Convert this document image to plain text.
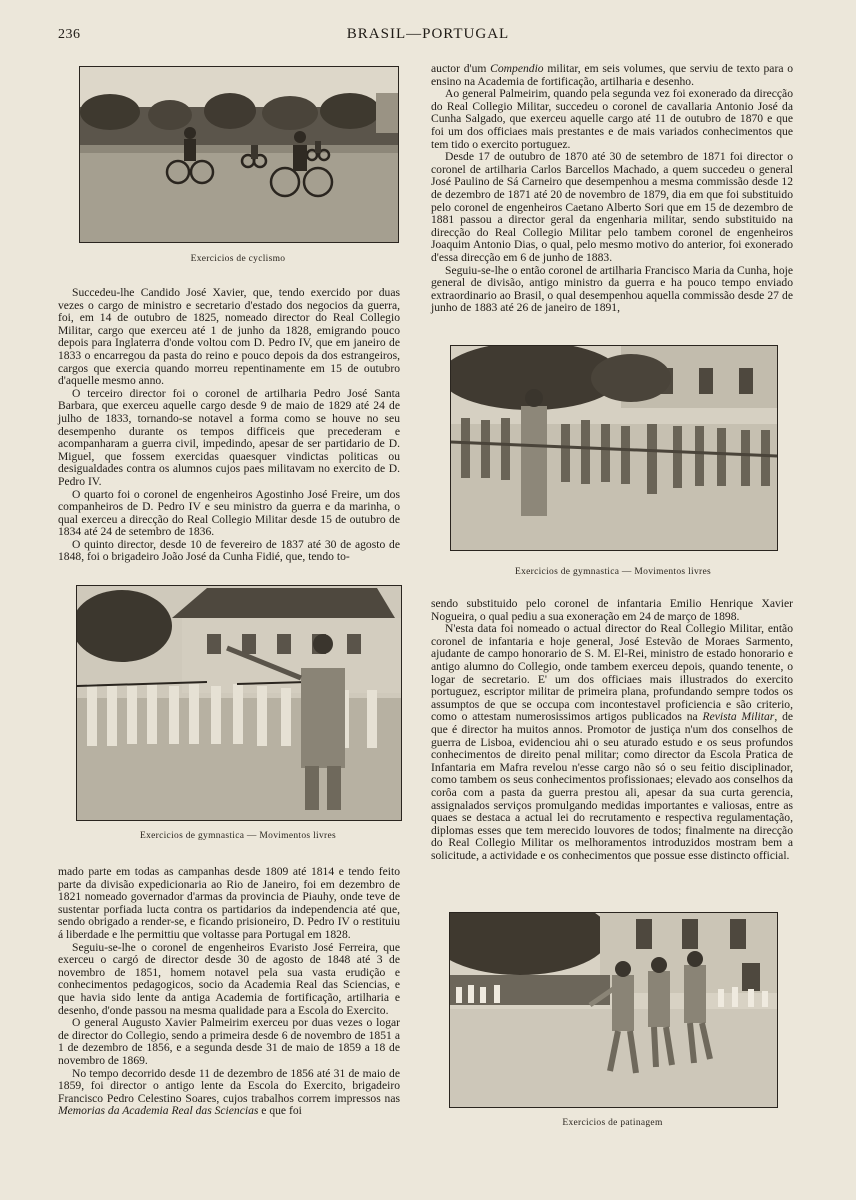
236	BRASIL—PORTUGAL
Exercicios de cyclismo

Succedeu-lhe Candido José Xavier, que, tendo exercido por duas vezes o cargo de ministro e secretario d'estado dos negocios da guerra, foi, em 14 de outubro de 1825, nomeado director do Real Collegio Militar, cargo que exerceu até 1 de junho da 1828, emigrando pouco depois para Inglaterra d'onde voltou com D. Pedro IV, que em janeiro de 1833 o encarregou da pasta do reino e pouco depois da dos estrangeiros, cargos que exercia quando morreu repentinamente em 15 de outubro d'aquelle mesmo anno.

O terceiro director foi o coronel de artilharia Pedro José Santa Barbara, que exerceu aquelle cargo desde 9 de maio de 1829 até 24 de julho de 1833, tornando-se notavel a forma como se houve no seu desempenho durante os tempos difficeis que precederam e acompanharam a guerra civil, impedindo, apesar de ser partidario de D. Miguel, que fossem exercidas quaesquer vindictas politicas ou desigualdades contra os alumnos cujos paes militavam no exercito de D. Pedro IV.

O quarto foi o coronel de engenheiros Agostinho José Freire, um dos companheiros de D. Pedro IV e seu ministro da guerra e da marinha, o qual exerceu a direcção do Real Collegio Militar desde 15 de outubro de 1834 até 24 de setembro de 1836.

O quinto director, desde 10 de fevereiro de 1837 até 30 de agosto de 1848, foi o brigadeiro João José da Cunha Fidié, que, tendo to-

Exercicios de gymnastica — Movimentos livres

mado parte em todas as campanhas desde 1809 até 1814 e tendo feito parte da divisão expedicionaria ao Rio de Janeiro, foi em dezembro de 1821 nomeado governador d'armas da provincia de Piauhy, onde teve de sustentar porfiada lucta contra os partidarios da independencia até que, sendo obrigado a render-se, e ficando prisioneiro, D. Pedro IV o restituiu á liberdade e lhe permittiu que voltasse para Portugal em 1828.

Seguiu-se-lhe o coronel de engenheiros Evaristo José Ferreira, que exerceu o cargó de director desde 30 de agosto de 1848 até 3 de novembro de 1851, homem notavel pela sua vasta erudição e conhecimentos pedagogicos, socio da Academia Real das Sciencias, e que havia sido lente da antiga Academia de fortificação, artilharia e desenho, d'onde passou na mesma qualidade para a Escola do Exercito.

O general Augusto Xavier Palmeirim exerceu por duas vezes o logar de director do Collegio, sendo a primeira desde 6 de novembro de 1851 a 1 de dezembro de 1856, e a segunda desde 31 de maio de 1859 a 18 de novembro de 1869.

No tempo decorrido desde 11 de dezembro de 1856 até 31 de maio de 1859, foi director o antigo lente da Escola do Exercito, brigadeiro Francisco Pedro Celestino Soares, cujos trabalhos correm impressos nas Memorias da Academia Real das Sciencias e que foi

auctor d'um Compendio militar, em seis volumes, que serviu de texto para o ensino na Academia de fortificação, artilharia e desenho.

Ao general Palmeirim, quando pela segunda vez foi exonerado da direcção do Real Collegio Militar, succedeu o coronel de cavallaria Antonio José da Cunha Salgado, que exerceu aquelle cargo até 11 de outubro de 1870 e que foi um dos officiaes mais prestantes e de mais variados conhecimentos que tem tido o exercito portuguez.

Desde 17 de outubro de 1870 até 30 de setembro de 1871 foi director o coronel de artilharia Carlos Barcellos Machado, a quem succedeu o general José Paulino de Sá Carneiro que desempenhou a mesma commissão desde 12 de dezembro de 1871 até 20 de novembro de 1879, dia em que foi substituido pelo coronel de engenheiros Caetano Alberto Sori que em 15 de dezembro de 1881 passou a director geral da engenharia militar, sendo substituido na direcção do Real Collegio Militar pelo tambem coronel de engenheiros Joaquim Antonio Dias, o qual, pelo mesmo motivo do anterior, foi exonerado d'essa direcção em 6 de junho de 1883.

Seguiu-se-lhe o então coronel de artilharia Francisco Maria da Cunha, hoje general de divisão, antigo ministro da guerra e ha pouco tempo enviado extraordinario ao Brasil, o qual desempenhou aquella commissão desde 27 de junho de 1883 até 26 de janeiro de 1891,

Exercicios de gymnastica — Movimentos livres

sendo substituido pelo coronel de infantaria Emilio Henrique Xavier Nogueira, o qual pediu a sua exoneração em 24 de março de 1898.

N'esta data foi nomeado o actual director do Real Collegio Militar, então coronel de infantaria e hoje general, José Estevão de Moraes Sarmento, ajudante de campo honorario de S. M. El-Rei, ministro de estado honorario e antigo alumno do Collegio, onde tambem exerceu depois, quando tenente, o logar de secretario. E' um dos officiaes mais illustrados do exercito portuguez, escriptor militar de primeira plana, profundando sempre todos os assumptos de que se occupa com incontestavel proficiencia e são criterio, como o attestam numerosissimos artigos publicados na Revista Militar, de que é director ha muitos annos. Promotor de justiça n'um dos conselhos de guerra de Lisboa, evidenciou ahi o seu aturado estudo e os seus profundos conhecimentos de direito penal militar; como director da Escola Pratica de Infantaria em Mafra revelou n'esse cargo não só o seu feitio disciplinador, como tambem os seus conhecimentos profissionaes; elevado aos conselhos da corôa com a pasta da guerra prestou ali, apesar da sua curta gerencia, assignalados serviços promulgando medidas importantes e valiosas, entre as quaes se destaca a actual lei do recrutamento e respectiva regulamentação, diplomas esses que tem merecido louvores de todos; finalmente na direcção do Real Collegio Militar os melhoramentos introduzidos mostram bem a solicitude, a actividade e os conhecimentos que possue esse distincto official.

Exercicios de patinagem
